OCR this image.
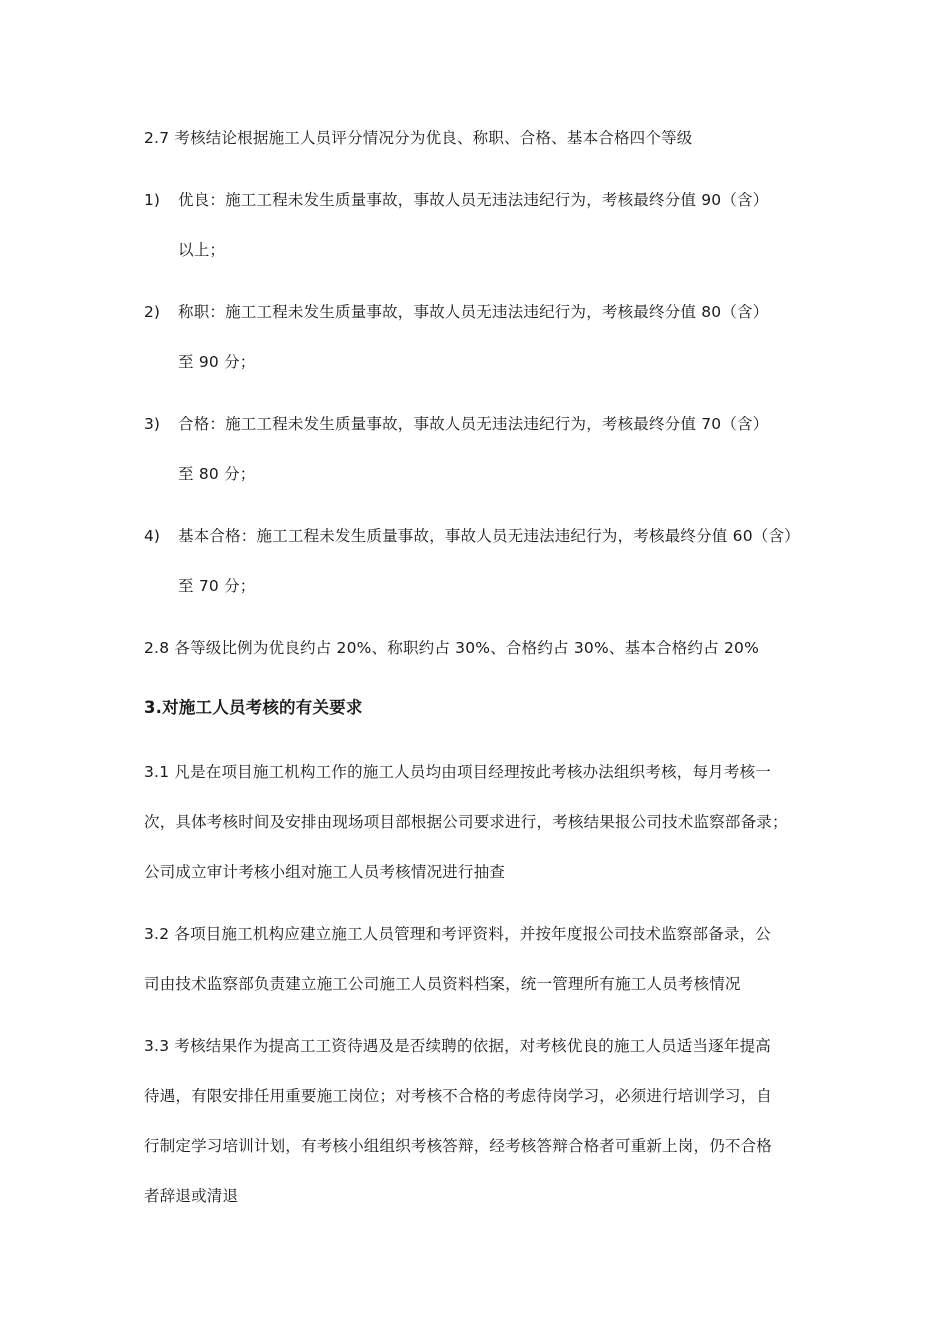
2.7 考核结论根据施工人员评分情况分为优良、称职、合格、基本合格四个等级
1) 优良：施工工程未发生质量事故，事故人员无违法违纪行为，考核最终分值 90（含）
以上；
2) 称职：施工工程未发生质量事故，事故人员无违法违纪行为，考核最终分值 80（含）
至 90 分；
3) 合格：施工工程未发生质量事故，事故人员无违法违纪行为，考核最终分值 70（含）
至 80 分；
4) 基本合格：施工工程未发生质量事故，事故人员无违法违纪行为，考核最终分值 60（含）
至 70 分；
2.8 各等级比例为优良约占 20%、称职约占 30%、合格约占 30%、基本合格约占 20%
3.对施工人员考核的有关要求
3.1 凡是在项目施工机构工作的施工人员均由项目经理按此考核办法组织考核，每月考核一
次，具体考核时间及安排由现场项目部根据公司要求进行，考核结果报公司技术监察部备录；
公司成立审计考核小组对施工人员考核情况进行抽查
3.2 各项目施工机构应建立施工人员管理和考评资料，并按年度报公司技术监察部备录，公
司由技术监察部负责建立施工公司施工人员资料档案，统一管理所有施工人员考核情况
3.3 考核结果作为提高工工资待遇及是否续聘的依据，对考核优良的施工人员适当逐年提高
待遇，有限安排任用重要施工岗位；对考核不合格的考虑待岗学习，必须进行培训学习，自
行制定学习培训计划，有考核小组组织考核答辩，经考核答辩合格者可重新上岗，仍不合格
者辞退或清退
